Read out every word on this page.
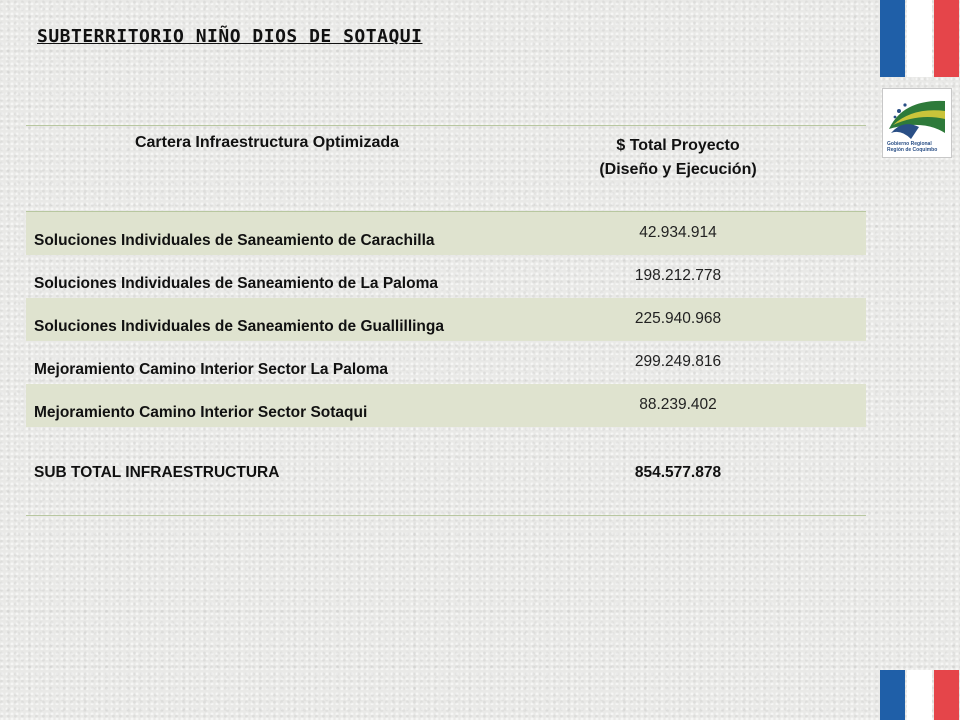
SUBTERRITORIO NIÑO DIOS DE SOTAQUI
Gobierno Regional
Región de Coquimbo
Cartera Infraestructura Optimizada	$ Total Proyecto
(Diseño y Ejecución)
Soluciones Individuales de Saneamiento de Carachilla	42.934.914
Soluciones Individuales de Saneamiento de La Paloma	198.212.778
Soluciones Individuales de Saneamiento de Guallillinga	225.940.968
Mejoramiento Camino Interior Sector La Paloma	299.249.816
Mejoramiento Camino Interior Sector Sotaqui	88.239.402
SUB TOTAL INFRAESTRUCTURA	854.577.878
